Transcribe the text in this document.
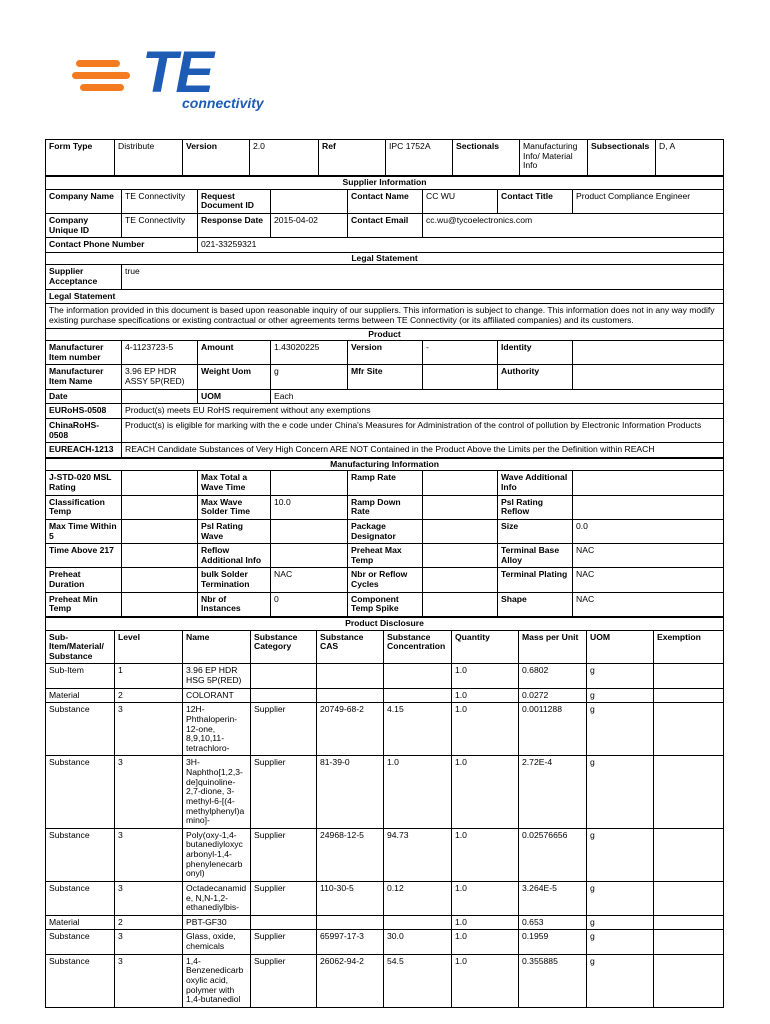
TE
connectivity
Form Type	Distribute	Version	2.0	Ref	IPC 1752A	Sectionals	Manufacturing Info/ Material Info	Subsectionals	D, A
Supplier Information							
Company Name	TE Connectivity	Request Document ID		Contact Name	CC WU	Contact Title	Product Compliance Engineer
Company Unique ID	TE Connectivity	Response Date	2015-04-02	Contact Email	cc.wu@tycoelectronics.com		
Contact Phone Number		021-33259321					
Legal Statement							
Supplier Acceptance	true						
Legal Statement							
The information provided in this document is based upon reasonable inquiry of our suppliers. This information is subject to change. This information does not in any way modify existing purchase specifications or existing contractual or other agreements terms between TE Connectivity (or its affiliated companies) and its customers.							
Product							
Manufacturer Item number	4-1123723-5	Amount	1.43020225	Version	-	Identity	
Manufacturer Item Name	3.96 EP HDR ASSY 5P(RED)	Weight Uom	g	Mfr Site		Authority	
Date		UOM	Each				
EURoHS-0508	Product(s) meets EU RoHS requirement without any exemptions						
ChinaRoHS-0508	Product(s) is eligible for marking with the e code under China's Measures for Administration of the control of pollution by Electronic Information Products						
EUREACH-1213	REACH Candidate Substances of Very High Concern ARE NOT Contained in the Product Above the Limits per the Definition within REACH						
Manufacturing Information							
J-STD-020 MSL Rating		Max Total a Wave Time		Ramp Rate		Wave Additional Info	
Classification Temp		Max Wave Solder Time	10.0	Ramp Down Rate		Psl Rating Reflow	
Max Time Within 5		Psl Rating Wave		Package Designator		Size	0.0
Time Above 217		Reflow Additional Info		Preheat Max Temp		Terminal Base Alloy	NAC
Preheat Duration		bulk Solder Termination	NAC	Nbr or Reflow Cycles		Terminal Plating	NAC
Preheat Min Temp		Nbr of Instances	0	Component Temp Spike		Shape	NAC
Product Disclosure									
Sub-Item/Material/ Substance	Level	Name	Substance Category	Substance CAS	Substance Concentration	Quantity	Mass per Unit	UOM	Exemption
Sub-Item	1	3.96 EP HDR HSG 5P(RED)				1.0	0.6802	g	
Material	2	COLORANT				1.0	0.0272	g	
Substance	3	12H-Phthaloperin-12-one, 8,9,10,11-tetrachloro-	Supplier	20749-68-2	4.15	1.0	0.0011288	g	
Substance	3	3H-Naphtho[1,2,3-de]quinoline-2,7-dione, 3-methyl-6-[(4-methylphenyl)amino]-	Supplier	81-39-0	1.0	1.0	2.72E-4	g	
Substance	3	Poly(oxy-1,4-butanediyloxycarbonyl-1,4-phenylenecarbonyl)	Supplier	24968-12-5	94.73	1.0	0.02576656	g	
Substance	3	Octadecanamide, N,N-1,2-ethanediylbis-	Supplier	110-30-5	0.12	1.0	3.264E-5	g	
Material	2	PBT-GF30				1.0	0.653	g	
Substance	3	Glass, oxide, chemicals	Supplier	65997-17-3	30.0	1.0	0.1959	g	
Substance	3	1,4-Benzenedicarboxylic acid, polymer with 1,4-butanediol	Supplier	26062-94-2	54.5	1.0	0.355885	g	
